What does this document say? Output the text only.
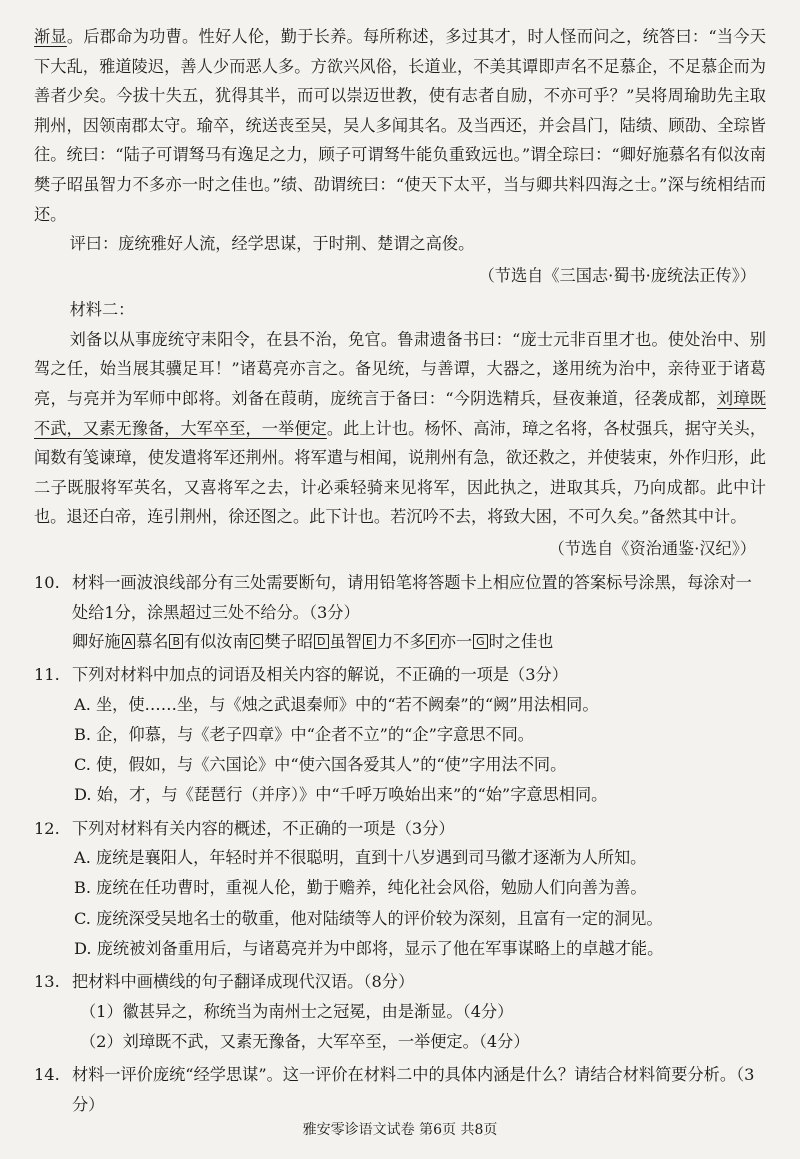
渐显。后郡命为功曹。性好人伦，勤于长养。每所称述，多过其才，时人怪而问之，统答曰：“当今天下大乱，雅道陵迟，善人少而恶人多。方欲兴风俗，长道业，不美其谭即声名不足慕企，不足慕企而为善者少矣。今拔十失五，犹得其半，而可以崇迈世教，使有志者自励，不亦可乎？”吴将周瑜助先主取荆州，因领南郡太守。瑜卒，统送丧至吴，吴人多闻其名。及当西还，并会昌门，陆绩、顾劭、全琮皆往。统曰：“陆子可谓驽马有逸足之力，顾子可谓驽牛能负重致远也。”谓全琮曰：“卿好施慕名有似汝南樊子昭虽智力不多亦一时之佳也。”绩、劭谓统曰：“使天下太平，当与卿共料四海之士。”深与统相结而还。

评曰：庞统雅好人流，经学思谋，于时荆、楚谓之高俊。

（节选自《三国志·蜀书·庞统法正传》）

材料二：

刘备以从事庞统守耒阳令，在县不治，免官。鲁肃遗备书曰：“庞士元非百里才也。使处治中、别驾之任，始当展其骥足耳！”诸葛亮亦言之。备见统，与善谭，大器之，遂用统为治中，亲待亚于诸葛亮，与亮并为军师中郎将。刘备在葭萌，庞统言于备曰：“今阴选精兵，昼夜兼道，径袭成都，刘璋既不武，又素无豫备，大军卒至，一举便定。此上计也。杨怀、高沛，璋之名将，各杖强兵，据守关头，闻数有笺谏璋，使发遣将军还荆州。将军遣与相闻，说荆州有急，欲还救之，并使装束，外作归形，此二子既服将军英名，又喜将军之去，计必乘轻骑来见将军，因此执之，进取其兵，乃向成都。此中计也。退还白帝，连引荆州，徐还图之。此下计也。若沉吟不去，将致大困，不可久矣。”备然其中计。

（节选自《资治通鉴·汉纪》）

10. 材料一画波浪线部分有三处需要断句，请用铅笔将答题卡上相应位置的答案标号涂黑，每涂对一处给1分，涂黑超过三处不给分。（3分）
卿好施 A 慕名 B 有似汝南 C 樊子昭 D 虽智 E 力不多 F 亦一 G 时之佳也
11. 下列对材料中加点的词语及相关内容的解说，不正确的一项是（3分）
A. 坐，使……坐，与《烛之武退秦师》中的“若不阙秦”的“阙”用法相同。
B. 企，仰慕，与《老子四章》中“企者不立”的“企”字意思不同。
C. 使，假如，与《六国论》中“使六国各爱其人”的“使”字用法不同。
D. 始，才，与《琵琶行（并序）》中“千呼万唤始出来”的“始”字意思相同。
12. 下列对材料有关内容的概述，不正确的一项是（3分）
A. 庞统是襄阳人，年轻时并不很聪明，直到十八岁遇到司马徽才逐渐为人所知。
B. 庞统在任功曹时，重视人伦，勤于赡养，纯化社会风俗，勉励人们向善为善。
C. 庞统深受吴地名士的敬重，他对陆绩等人的评价较为深刻，且富有一定的洞见。
D. 庞统被刘备重用后，与诸葛亮并为中郎将，显示了他在军事谋略上的卓越才能。
13. 把材料中画横线的句子翻译成现代汉语。（8分）
（1）徽甚异之，称统当为南州士之冠冕，由是渐显。（4分）
（2）刘璋既不武，又素无豫备，大军卒至，一举便定。（4分）
14. 材料一评价庞统“经学思谋”。这一评价在材料二中的具体内涵是什么？请结合材料简要分析。（3分）
雅安零诊语文试卷 第6页 共8页
